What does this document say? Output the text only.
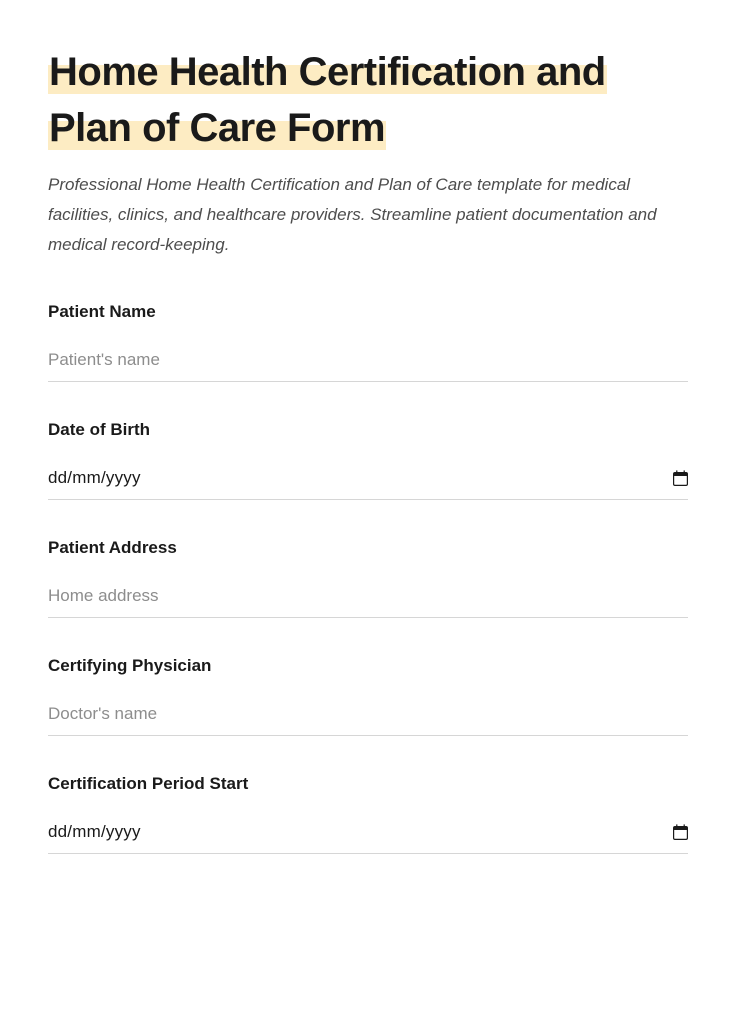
Home Health Certification and
Plan of Care Form

Professional Home Health Certification and Plan of Care template for medical facilities, clinics, and healthcare providers. Streamline patient documentation and medical record-keeping.

Patient Name
Patient's name
Date of Birth
dd/mm/yyyy
Patient Address
Home address
Certifying Physician
Doctor's name
Certification Period Start
dd/mm/yyyy
